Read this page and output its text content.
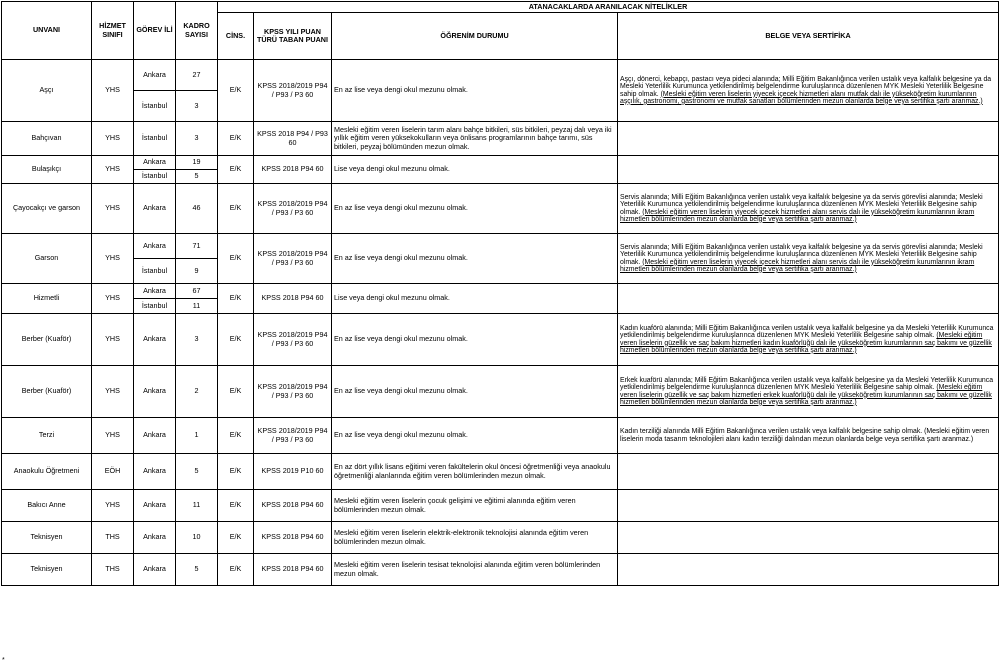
UNVANI	HİZMET SINIFI	GÖREV İLİ	KADRO SAYISI	ATANACAKLARDA ARANILACAK NİTELİKLER			
				CİNS.	KPSS YILI PUAN TÜRÜ TABAN PUANI	ÖĞRENİM DURUMU	BELGE VEYA SERTİFİKA
Aşçı	YHS	Ankara	27	E/K	KPSS 2018/2019 P94 / P93 / P3 60	En az lise veya dengi okul mezunu olmak.	Aşçı, dönerci, kebapçı, pastacı veya pideci alanında; Milli Eğitim Bakanlığınca verilen ustalık veya kalfalık belgesine ya da Mesleki Yeterlilik Kurumunca yetkilendirilmiş belgelendirme kuruluşlarınca düzenlenen MYK Mesleki Yeterlilik Belgesine sahip olmak. (Mesleki eğitim veren liselerin yiyecek içecek hizmetleri alanı mutfak dalı ile yükseköğretim kurumlarının aşçılık, gastronomi, gastronomi ve mutfak sanatları bölümlerinden mezun olanlarda belge veya sertifika şartı aranmaz.)
		İstanbul	3				
Bahçıvan	YHS	İstanbul	3	E/K	KPSS 2018 P94 / P93 60	Mesleki eğitim veren liselerin tarım alanı bahçe bitkileri, süs bitkileri, peyzaj dalı veya iki yıllık eğitim veren yüksekokulların veya önlisans programlarının bahçe tarımı, süs bitkileri, peyzaj bölümünden mezun olmak.	
Bulaşıkçı	YHS	Ankara	19	E/K	KPSS 2018 P94 60	Lise veya dengi okul mezunu olmak.	
		İstanbul	5				
Çayocakçı ve garson	YHS	Ankara	46	E/K	KPSS 2018/2019 P94 / P93 / P3 60	En az lise veya dengi okul mezunu olmak.	Servis alanında; Milli Eğitim Bakanlığınca verilen ustalık veya kalfalık belgesine ya da servis görevlisi alanında; Mesleki Yeterlilik Kurumunca yetkilendirilmiş belgelendirme kuruluşlarınca düzenlenen MYK Mesleki Yeterlilik Belgesine sahip olmak. (Mesleki eğitim veren liselerin yiyecek içecek hizmetleri alanı servis dalı ile yükseköğretim kurumlarının ikram hizmetleri bölümlerinden mezun olanlarda belge veya sertifika şartı aranmaz.)
Garson	YHS	Ankara	71	E/K	KPSS 2018/2019 P94 / P93 / P3 60	En az lise veya dengi okul mezunu olmak.	Servis alanında; Milli Eğitim Bakanlığınca verilen ustalık veya kalfalık belgesine ya da servis görevlisi alanında; Mesleki Yeterlilik Kurumunca yetkilendirilmiş belgelendirme kuruluşlarınca düzenlenen MYK Mesleki Yeterlilik Belgesine sahip olmak. (Mesleki eğitim veren liselerin yiyecek içecek hizmetleri alanı servis dalı ile yükseköğretim kurumlarının ikram hizmetleri bölümlerinden mezun olanlarda belge veya sertifika şartı aranmaz.)
		İstanbul	9				
Hizmetli	YHS	Ankara	67	E/K	KPSS 2018 P94 60	Lise veya dengi okul mezunu olmak.	
		İstanbul	11				
Berber (Kuaför)	YHS	Ankara	3	E/K	KPSS 2018/2019 P94 / P93 / P3 60	En az lise veya dengi okul mezunu olmak.	Kadın kuaförü alanında; Milli Eğitim Bakanlığınca verilen ustalık veya kalfalık belgesine ya da Mesleki Yeterlilik Kurumunca yetkilendirilmiş belgelendirme kuruluşlarınca düzenlenen MYK Mesleki Yeterlilik Belgesine sahip olmak. (Mesleki eğitim veren liselerin güzellik ve saç bakım hizmetleri kadın kuaförlüğü dalı ile yükseköğretim kurumlarının saç bakımı ve güzellik hizmetleri bölümlerinden mezun olanlarda belge veya sertifika şartı aranmaz.)
Berber (Kuaför)	YHS	Ankara	2	E/K	KPSS 2018/2019 P94 / P93 / P3 60	En az lise veya dengi okul mezunu olmak.	Erkek kuaförü alanında; Milli Eğitim Bakanlığınca verilen ustalık veya kalfalık belgesine ya da Mesleki Yeterlilik Kurumunca yetkilendirilmiş belgelendirme kuruluşlarınca düzenlenen MYK Mesleki Yeterlilik Belgesine sahip olmak. (Mesleki eğitim veren liselerin güzellik ve saç bakım hizmetleri erkek kuaförlüğü dalı ile yükseköğretim kurumlarının saç bakımı ve güzellik hizmetleri bölümlerinden mezun olanlarda belge veya sertifika şartı aranmaz.)
Terzi	YHS	Ankara	1	E/K	KPSS 2018/2019 P94 / P93 / P3 60	En az lise veya dengi okul mezunu olmak.	Kadın terziliği alanında Milli Eğitim Bakanlığınca verilen ustalık veya kalfalık belgesine sahip olmak. (Mesleki eğitim veren liselerin moda tasarım teknolojileri alanı kadın terziliği dalından mezun olanlarda belge veya sertifika şartı aranmaz.)
Anaokulu Öğretmeni	EÖH	Ankara	5	E/K	KPSS 2019 P10 60	En az dört yıllık lisans eğitimi veren fakültelerin okul öncesi öğretmenliği veya anaokulu öğretmenliği alanlarında eğitim veren bölümlerinden mezun olmak.	
Bakıcı Anne	YHS	Ankara	11	E/K	KPSS 2018 P94 60	Mesleki eğitim veren liselerin çocuk gelişimi ve eğitimi alanında eğitim veren bölümlerinden mezun olmak.	
Teknisyen	THS	Ankara	10	E/K	KPSS 2018 P94 60	Mesleki eğitim veren liselerin elektrik-elektronik teknolojisi alanında eğitim veren bölümlerinden mezun olmak.	
Teknisyen	THS	Ankara	5	E/K	KPSS 2018 P94 60	Mesleki eğitim veren liselerin tesisat teknolojisi alanında eğitim veren bölümlerinden mezun olmak.	
*
